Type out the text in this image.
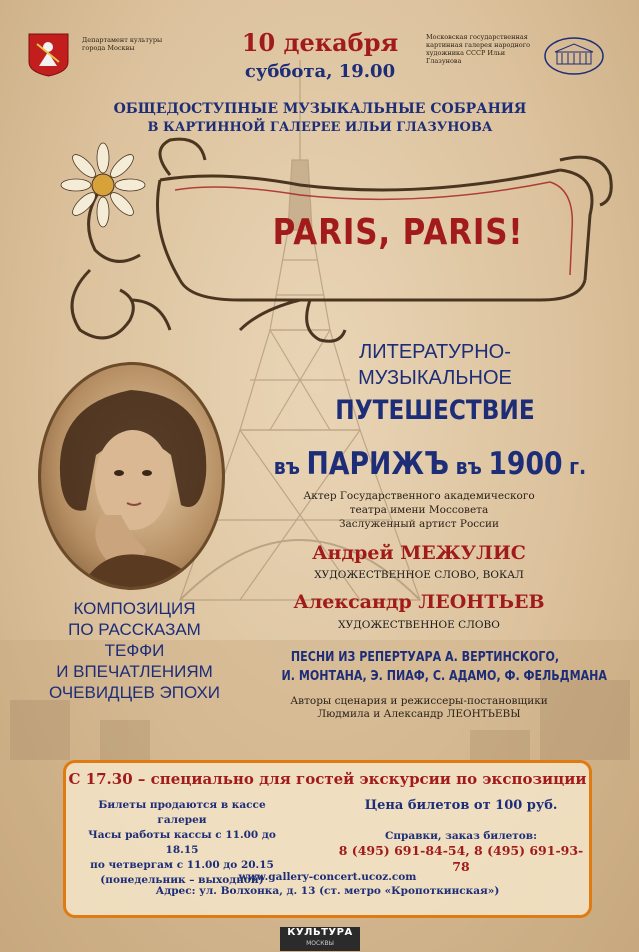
Департамент культуры города Москвы	10 декабря
суббота, 19.00
Московская государственная картинная галерея народного художника СССР Ильи Глазунова
ОБЩЕДОСТУПНЫЕ МУЗЫКАЛЬНЫЕ СОБРАНИЯ
В КАРТИННОЙ ГАЛЕРЕЕ ИЛЬИ ГЛАЗУНОВА
PARIS, PARIS!
ЛИТЕРАТУРНО-
МУЗЫКАЛЬНОЕ
ПУТЕШЕСТВИЕ
въ ПАРИЖЪ въ 1900 г.
Актер Государственного академического
театра имени Моссовета
Заслуженный артист России
Андрей МЕЖУЛИС
ХУДОЖЕСТВЕННОЕ СЛОВО, ВОКАЛ
Александр ЛЕОНТЬЕВ
ХУДОЖЕСТВЕННОЕ СЛОВО
ПЕСНИ ИЗ РЕПЕРТУАРА А. ВЕРТИНСКОГО,
И. МОНТАНА, Э. ПИАФ, С. АДАМО, Ф. ФЕЛЬДМАНА
Авторы сценария и режиссеры-постановщики
Людмила и Александр ЛЕОНТЬЕВЫ
КОМПОЗИЦИЯ
ПО РАССКАЗАМ
ТЕФФИ
И ВПЕЧАТЛЕНИЯМ
ОЧЕВИДЦЕВ ЭПОХИ
С 17.30 – специально для гостей экскурсии по экспозиции
Билеты продаются в кассе галереи
Часы работы кассы с 11.00 до 18.15
по четвергам с 11.00 до 20.15
(понедельник – выходной)
Цена билетов от 100 руб.
Справки, заказ билетов:
8 (495) 691-84-54, 8 (495) 691-93-78
www.gallery-concert.ucoz.com
Адрес: ул. Волхонка, д. 13 (ст. метро «Кропоткинская»)
КУЛЬТУРА
МОСКВЫ
